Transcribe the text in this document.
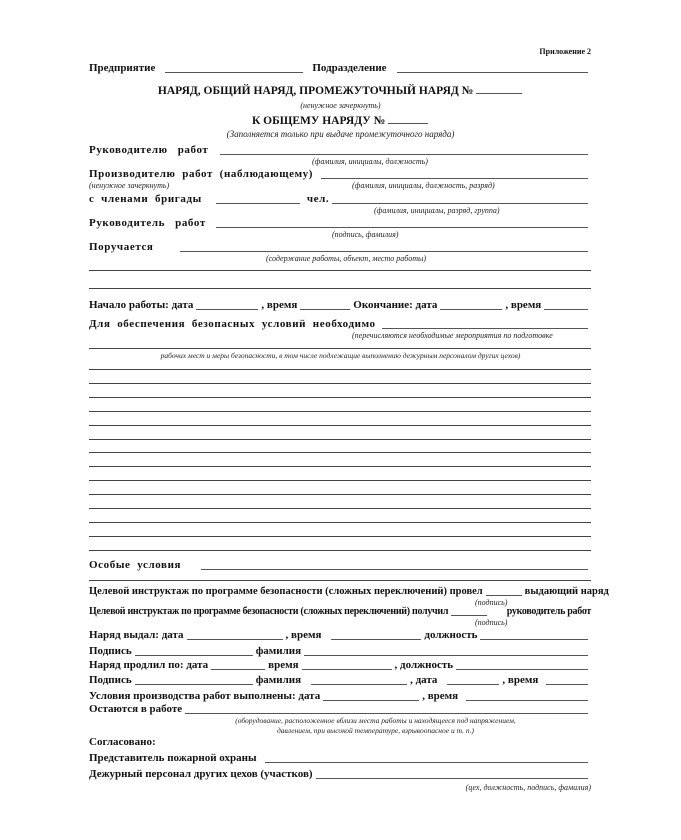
Приложение 2
Предприятие	Подразделение
НАРЯД, ОБЩИЙ НАРЯД, ПРОМЕЖУТОЧНЫЙ НАРЯД №
(ненужное зачеркнуть)
К ОБЩЕМУ НАРЯДУ №
(Заполняется только при выдаче промежуточного наряда)
Руководителю   работ
(фамилия, инициалы, должность)
Производителю  работ  (наблюдающему)
(ненужное зачеркнуть)	(фамилия, инициалы, должность, разряд)
с  членами  бригады	чел.
(фамилия, инициалы, разряд, группа)
Руководитель   работ
(подпись, фамилия)
Поручается
(содержание работы, объект, место работы)
Начало работы: дата	, время	Окончание: дата	, время
Для  обеспечения  безопасных  условий  необходимо
(перечисляются необходимые мероприятия по подготовке
рабочих мест и меры безопасности, в том числе подлежащие выполнению дежурным персоналом других цехов)
Особые  условия
Целевой инструктаж по программе безопасности (сложных переключений) провел	выдающий наряд
(подпись)
Целевой инструктаж по программе безопасности (сложных переключений) получил	руководитель работ
(подпись)
Наряд выдал: дата	, время	должность
Подпись	фамилия
Наряд продлил по: дата	время	, должность
Подпись	фамилия	, дата	, время
Условия производства работ выполнены: дата	, время
Остаются в работе
(оборудование, расположенное вблизи места работы и находящееся под напряжением,
давлением, при высокой температуре, взрывоопасное и т. п.)
Согласовано:
Представитель пожарной охраны
Дежурный персонал других цехов (участков)
(цех, должность, подпись, фамилия)
